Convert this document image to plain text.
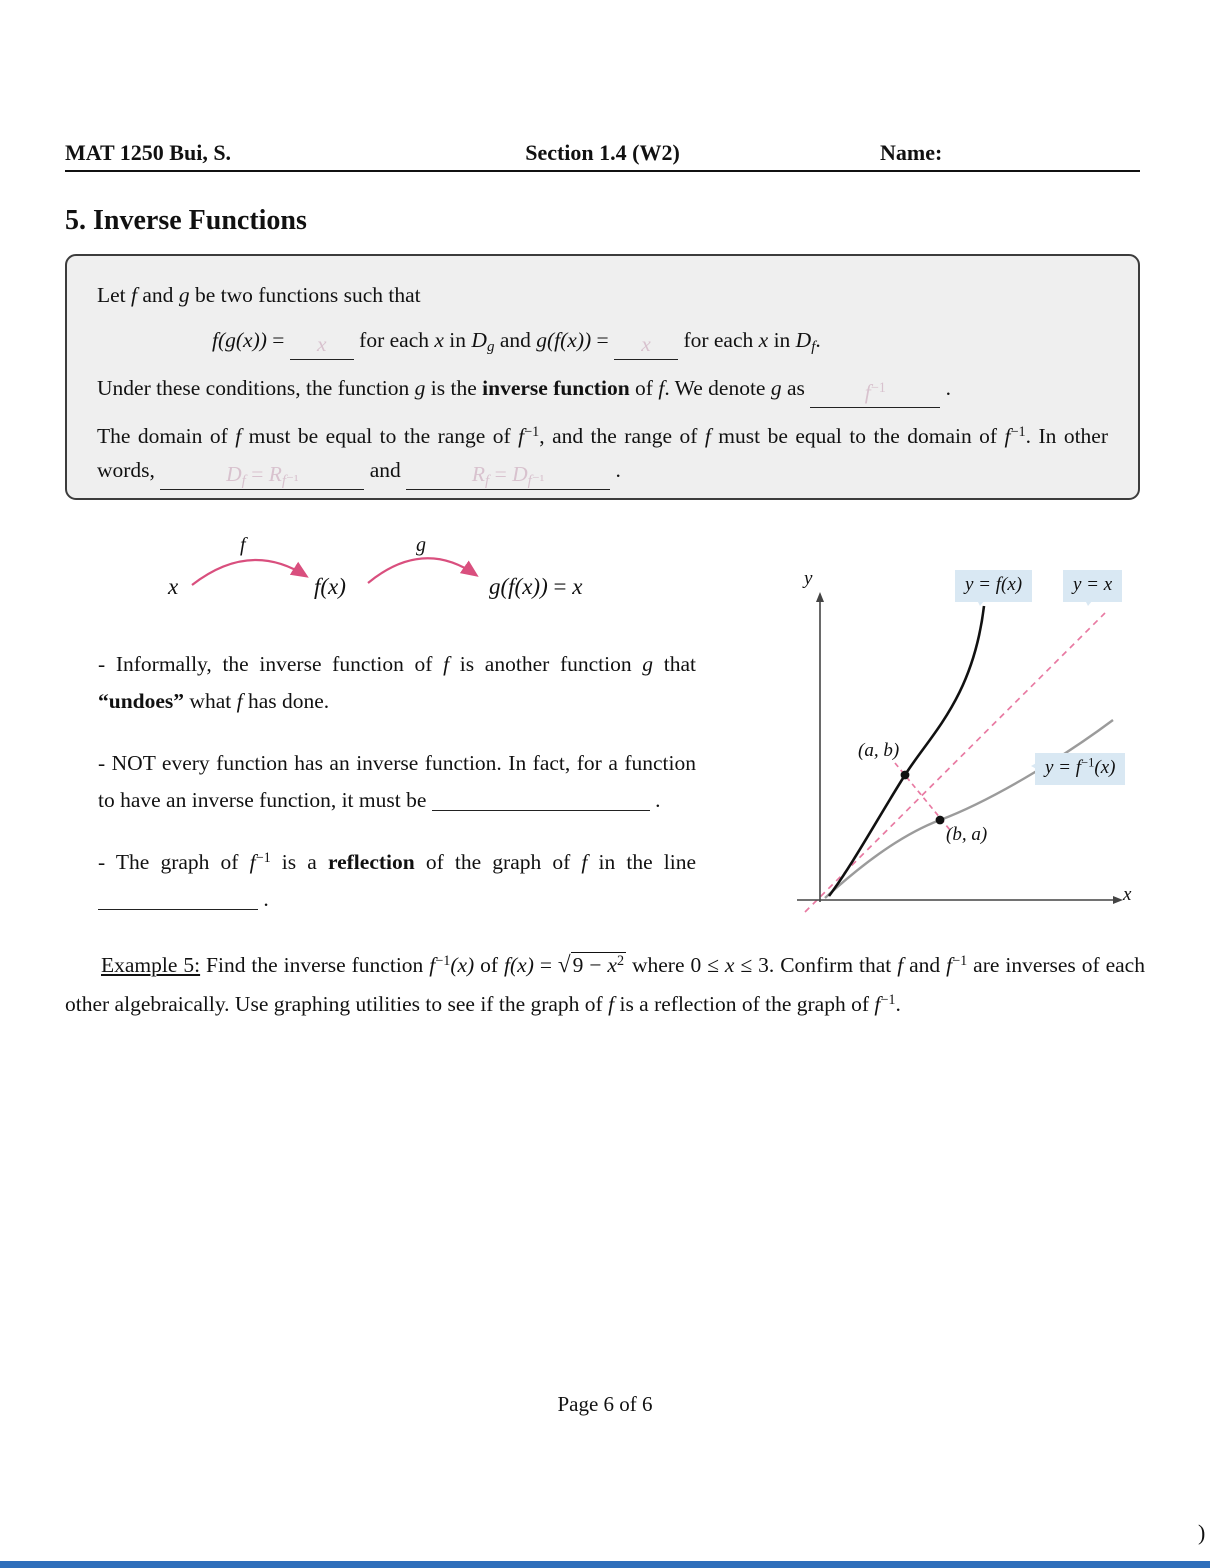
MAT 1250 Bui, S.	Section 1.4 (W2)	Name:
5. Inverse Functions

Let f and g be two functions such that

f(g(x)) = x for each x in $D_g$ and g(f(x)) = x for each x in $D_f$.

Under these conditions, the function g is the inverse function of f. We denote g as	$f^{-1}$	.

The domain of f must be equal to the range of $f^{-1}$, and the range of f must be equal to the domain of $f^{-1}$. In other words,	$D_f = R_{f^{-1}}$	and	$R_f = D_{f^{-1}}$	.

x
f
f(x)
g
g(f(x)) = x

- Informally, the inverse function of f is another function g that “undoes” what f has done.

- NOT every function has an inverse function. In fact, for a function to have an inverse function, it must be	.

- The graph of $f^{-1}$ is a reflection of the graph of f in the line  .

y
x
y = f(x)	y = x
$y = f^{-1}(x)$
(a, b)
(b, a)

Example 5: Find the inverse function $f^{-1}(x)$ of $f(x) = √9 - x^2$ where 0 ≤ x ≤ 3. Confirm that f and $f^{-1}$ are inverses of each other algebraically. Use graphing utilities to see if the graph of f is a reflection of the graph of $f^{-1}$.

Page 6 of 6
)
